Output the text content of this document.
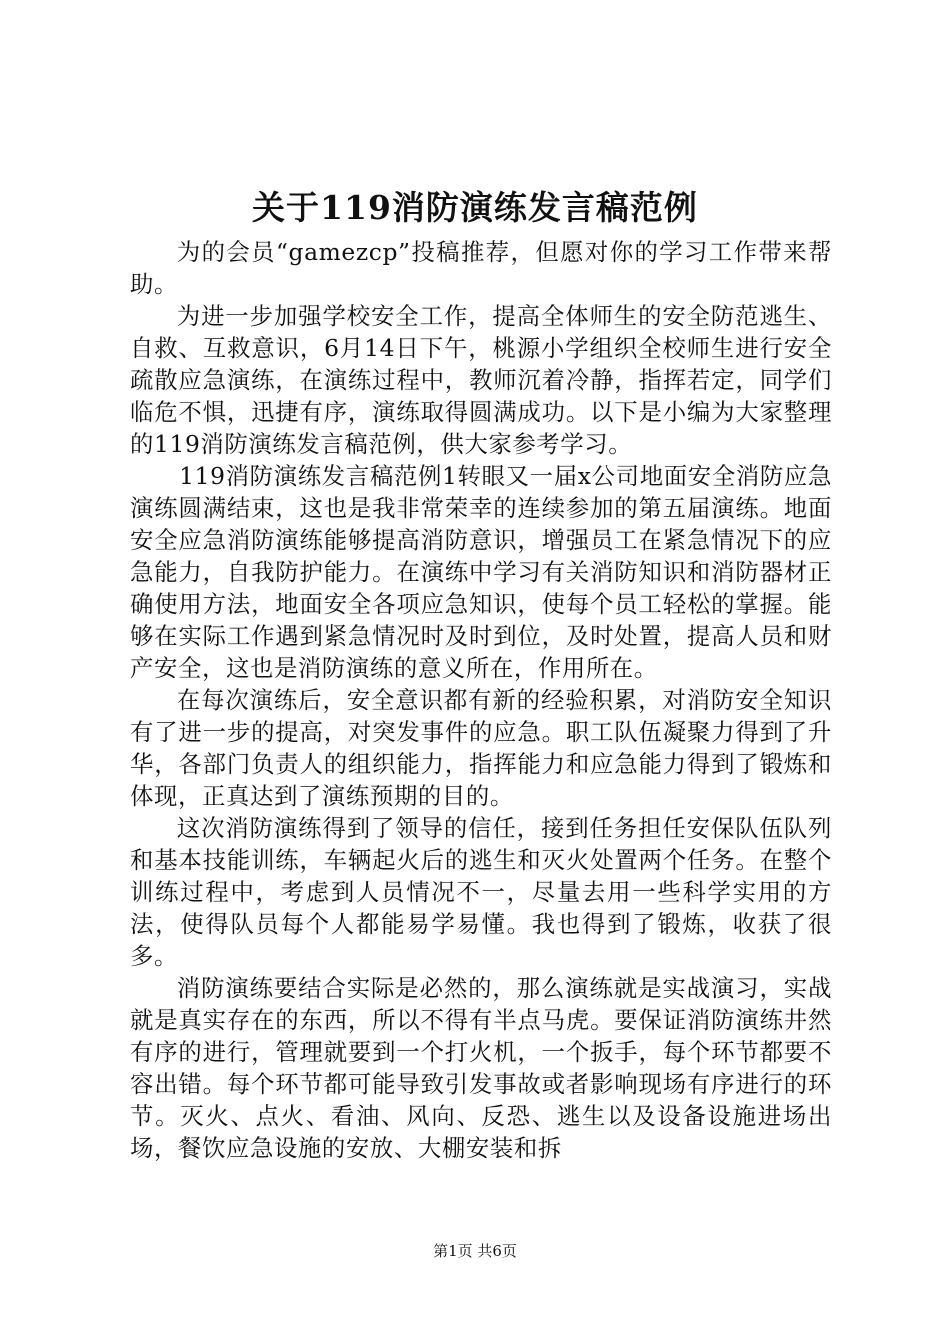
关于119消防演练发言稿范例

为的会员“gamezcp”投稿推荐，但愿对你的学习工作带来帮助。

为进一步加强学校安全工作，提高全体师生的安全防范逃生、自救、互救意识，6月14日下午，桃源小学组织全校师生进行安全疏散应急演练，在演练过程中，教师沉着冷静，指挥若定，同学们临危不惧，迅捷有序，演练取得圆满成功。以下是小编为大家整理的119消防演练发言稿范例，供大家参考学习。

119消防演练发言稿范例1转眼又一届x公司地面安全消防应急演练圆满结束，这也是我非常荣幸的连续参加的第五届演练。地面安全应急消防演练能够提高消防意识，增强员工在紧急情况下的应急能力，自我防护能力。在演练中学习有关消防知识和消防器材正确使用方法，地面安全各项应急知识，使每个员工轻松的掌握。能够在实际工作遇到紧急情况时及时到位，及时处置，提高人员和财产安全，这也是消防演练的意义所在，作用所在。

在每次演练后，安全意识都有新的经验积累，对消防安全知识有了进一步的提高，对突发事件的应急。职工队伍凝聚力得到了升华，各部门负责人的组织能力，指挥能力和应急能力得到了锻炼和体现，正真达到了演练预期的目的。

这次消防演练得到了领导的信任，接到任务担任安保队伍队列和基本技能训练，车辆起火后的逃生和灭火处置两个任务。在整个训练过程中，考虑到人员情况不一，尽量去用一些科学实用的方法，使得队员每个人都能易学易懂。我也得到了锻炼，收获了很多。

消防演练要结合实际是必然的，那么演练就是实战演习，实战就是真实存在的东西，所以不得有半点马虎。要保证消防演练井然有序的进行，管理就要到一个打火机，一个扳手，每个环节都要不容出错。每个环节都可能导致引发事故或者影响现场有序进行的环节。灭火、点火、看油、风向、反恐、逃生以及设备设施进场出场，餐饮应急设施的安放、大棚安装和拆

第1页 共6页
